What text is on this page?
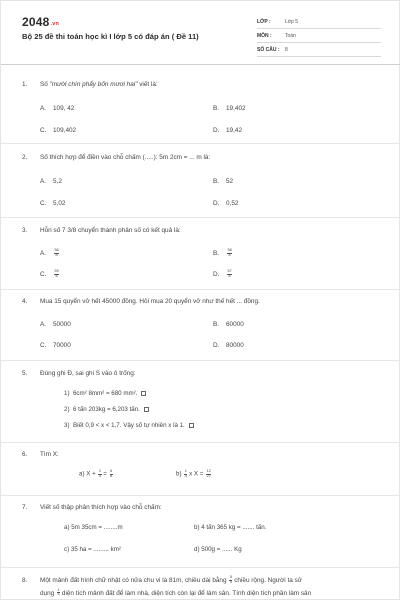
2048.vn
Bộ 25 đề thi toán học kì I lớp 5 có đáp án ( Đề 11)
LỚP :	Lớp 5
MÔN :	Toán
SỐ CÂU : 8
1. Số "mười chín phẩy bốn mươi hai" viết là:
A. 109, 42	B. 19,402
C. 109,402	D. 19,42
2. Số thích hợp để điền vào chỗ chấm (.....): 5m 2cm = ... m là:
A. 5,2	B. 52
C. 5,02	D. 0,52
3. Hỗn số 7 3/8 chuyển thành phân số có kết quả là:
A. $\frac{56}{8}$	B. $\frac{58}{8}$
C. $\frac{59}{8}$	D. $\frac{57}{8}$
4. Mua 15 quyển vở hết 45000 đồng. Hỏi mua 20 quyển vở như thế hết ... đồng.
A. 50000	B. 60000
C. 70000	D. 80000
5. Đúng ghi Đ, sai ghi S vào ô trống:
1) 6cm² 8mm² = 680 mm².
2) 6 tấn 203kg = 6,203 tấn.
3) Biết 0,9 < x < 1,7. Vậy số tự nhiên x là 1.
6. Tìm X:
a) $X + \frac{2}{3} = \frac{6}{8}$	$b) \frac{1}{4}$ x $X = \frac{12}{27}$
7. Viết số thập phân thích hợp vào chỗ chấm:
a) 5m 35cm = ........m	b) 4 tấn 365 kg = ....... tấn.
c) 35 ha = ......... km²	d) 500g = ...... Kg
8. Một mảnh đất hình chữ nhật có nửa chu vi là 81m, chiều dài bằng $\frac{5}{4}$ chiều rộng. Người ta sử
dụng $\frac{1}{4}$ diện tích mảnh đất để làm nhà, diện tích còn lại để làm sân. Tính diện tích phần làm sân
